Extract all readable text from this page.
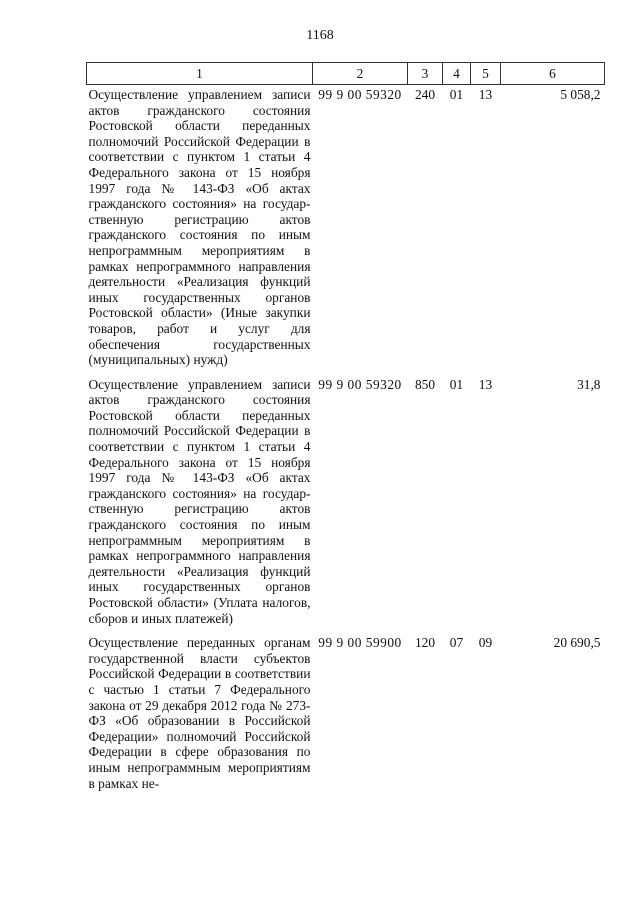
1168
1	2	3	4	5	6
Осуществление управлением записи актов гражданского состояния Ростовской области переданных полномочий Российской Федерации в соответствии с пунктом 1 статьи 4 Федерального закона от 15 ноября 1997 года № 143-ФЗ «Об актах гражданского состояния» на государственную регистрацию актов гражданского состояния по иным непрограммным мероприятиям в рамках непрограммного направления деятельности «Реализация функций иных государственных органов Ростовской области» (Иные закупки товаров, работ и услуг для обеспечения государственных (муниципальных) нужд)	99 9 00 59320	240	01	13	5 058,2
Осуществление управлением записи актов гражданского состояния Ростовской области переданных полномочий Российской Федерации в соответствии с пунктом 1 статьи 4 Федерального закона от 15 ноября 1997 года № 143-ФЗ «Об актах гражданского состояния» на государственную регистрацию актов гражданского состояния по иным непрограммным мероприятиям в рамках непрограммного направления деятельности «Реализация функций иных государственных органов Ростовской области» (Уплата налогов, сборов и иных платежей)	99 9 00 59320	850	01	13	31,8
Осуществление переданных органам государственной власти субъектов Российской Федерации в соответствии с частью 1 статьи 7 Федерального закона от 29 декабря 2012 года № 273-ФЗ «Об образовании в Российской Федерации» полномочий Российской Федерации в сфере образования по иным непрограммным мероприятиям в рамках не-	99 9 00 59900	120	07	09	20 690,5
